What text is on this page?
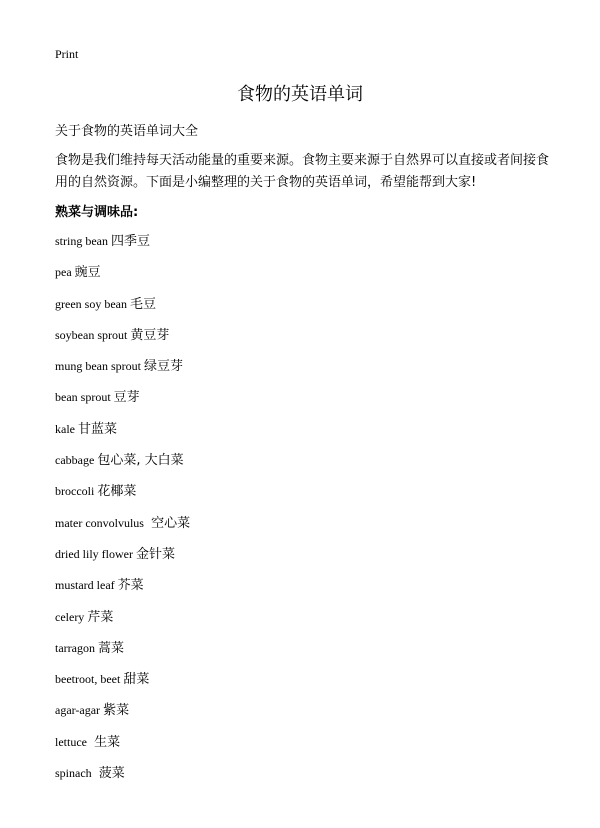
Print
食物的英语单词
关于食物的英语单词大全
食物是我们维持每天活动能量的重要来源。食物主要来源于自然界可以直接或者间接食用的自然资源。下面是小编整理的关于食物的英语单词，希望能帮到大家!
熟菜与调味品:
string bean 四季豆
pea 豌豆
green soy bean 毛豆
soybean sprout 黄豆芽
mung bean sprout 绿豆芽
bean sprout 豆芽
kale 甘蓝菜
cabbage 包心菜, 大白菜
broccoli 花椰菜
mater convolvulus 空心菜
dried lily flower 金针菜
mustard leaf 芥菜
celery 芹菜
tarragon 蒿菜
beetroot, beet 甜菜
agar-agar 紫菜
lettuce 生菜
spinach 菠菜
